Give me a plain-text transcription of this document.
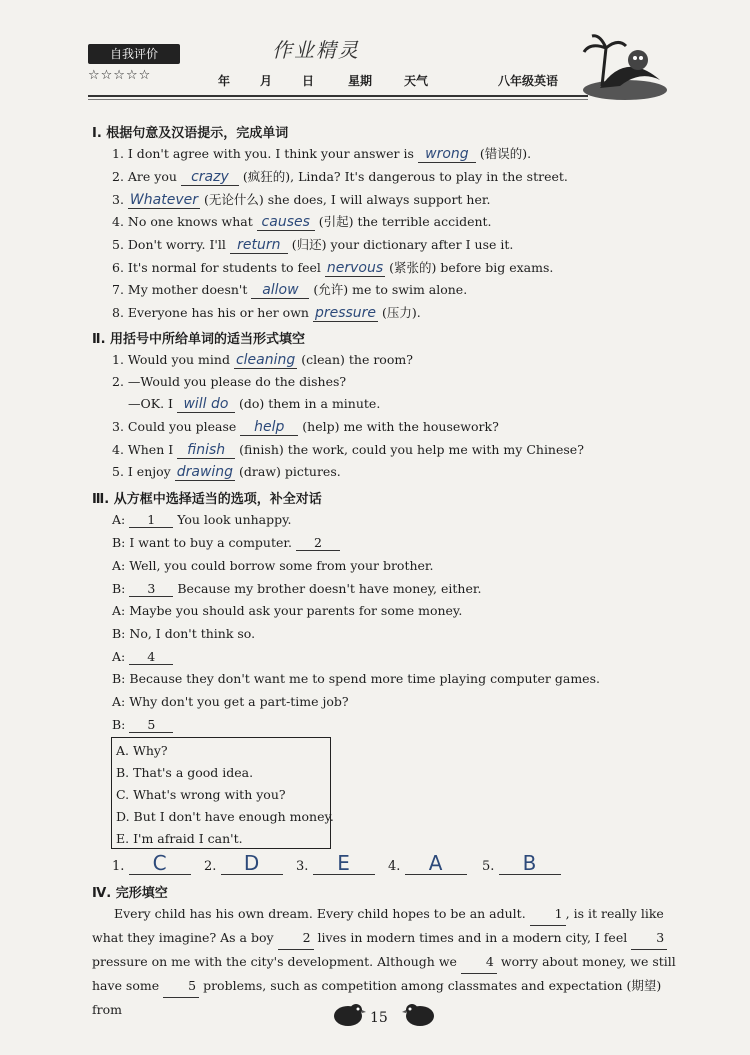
自我评价
☆☆☆☆☆
作业精灵
年 月 日	星期	天气	八年级英语
Ⅰ. 根据句意及汉语提示，完成单词
1. I don't agree with you. I think your answer is wrong (错误的).
2. Are you crazy (疯狂的), Linda? It's dangerous to play in the street.
3. Whatever (无论什么) she does, I will always support her.
4. No one knows what causes (引起) the terrible accident.
5. Don't worry. I'll return (归还) your dictionary after I use it.
6. It's normal for students to feel nervous (紧张的) before big exams.
7. My mother doesn't allow (允许) me to swim alone.
8. Everyone has his or her own pressure (压力).
Ⅱ. 用括号中所给单词的适当形式填空
1. Would you mind cleaning (clean) the room?
2. —Would you please do the dishes?
—OK. I will do (do) them in a minute.
3. Could you please help (help) me with the housework?
4. When I finish (finish) the work, could you help me with my Chinese?
5. I enjoy drawing (draw) pictures.
Ⅲ. 从方框中选择适当的选项，补全对话
A: 1 You look unhappy.
B: I want to buy a computer. 2
A: Well, you could borrow some from your brother.
B: 3 Because my brother doesn't have money, either.
A: Maybe you should ask your parents for some money.
B: No, I don't think so.
A: 4
B: Because they don't want me to spend more time playing computer games.
A: Why don't you get a part-time job?
B: 5
A. Why?
B. That's a good idea.
C. What's wrong with you?
D. But I don't have enough money.
E. I'm afraid I can't.
1. C	2. D	3. E	4. A	5. B
Ⅳ. 完形填空
Every child has his own dream. Every child hopes to be an adult. 1 , is it really like what they imagine? As a boy 2 lives in modern times and in a modern city, I feel 3 pressure on me with the city's development. Although we 4 worry about money, we still have some 5 problems, such as competition among classmates and expectation (期望) from
15
